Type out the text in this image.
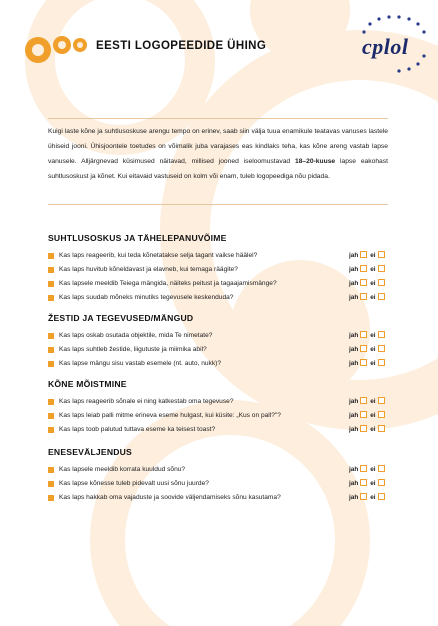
EESTI LOGOPEEDIDE ÜHING	cplol
Kuigi laste kõne ja suhtlusoskuse arengu tempo on erinev, saab siin välja tuua enamikule teatavas vanuses lastele ühiseid jooni. Ühisjoontele toetudes on võimalik juba varajases eas kindlaks teha, kas kõne areng vastab lapse vanusele. Alljärgnevad küsimused näitavad, millised jooned iseloomustavad 18–20-kuuse lapse eakohast suhtlusoskust ja kõnet. Kui eitavaid vastuseid on kolm või enam, tuleb logopeediga nõu pidada.
SUHTLUSOSKUS JA TÄHELEPANUVÕIME
Kas laps reageerib, kui teda kõnetatakse selja tagant vaikse häälel?	jah ei
Kas laps huvitub kõneldavast ja elavneb, kui temaga räägite?	jah ei
Kas lapsele meeldib Teiega mängida, näiteks peitust ja tagaajamismänge?	jah ei
Kas laps suudab mõneks minutiks tegevusele keskenduda?	jah ei
ŽESTID JA TEGEVUSED/MÄNGUD
Kas laps oskab osutada objektile, mida Te nimetate?	jah ei
Kas laps suhtleb žestide, liigutuste ja miimika abil?	jah ei
Kas lapse mängu sisu vastab esemele (nt. auto, nukk)?	jah ei
KÕNE MÕISTMINE
Kas laps reageerib sõnale ei ning katkestab oma tegevuse?	jah ei
Kas laps leiab palli mitme erineva eseme hulgast, kui küsite: „Kus on pall?"?	jah ei
Kas laps toob palutud tuttava eseme ka teisest toast?	jah ei
ENESEVÄLJENDUS
Kas lapsele meeldib korrata kuuldud sõnu?	jah ei
Kas lapse kõnesse tuleb pidevalt uusi sõnu juurde?	jah ei
Kas laps hakkab oma vajaduste ja soovide väljendamiseks sõnu kasutama?	jah ei
